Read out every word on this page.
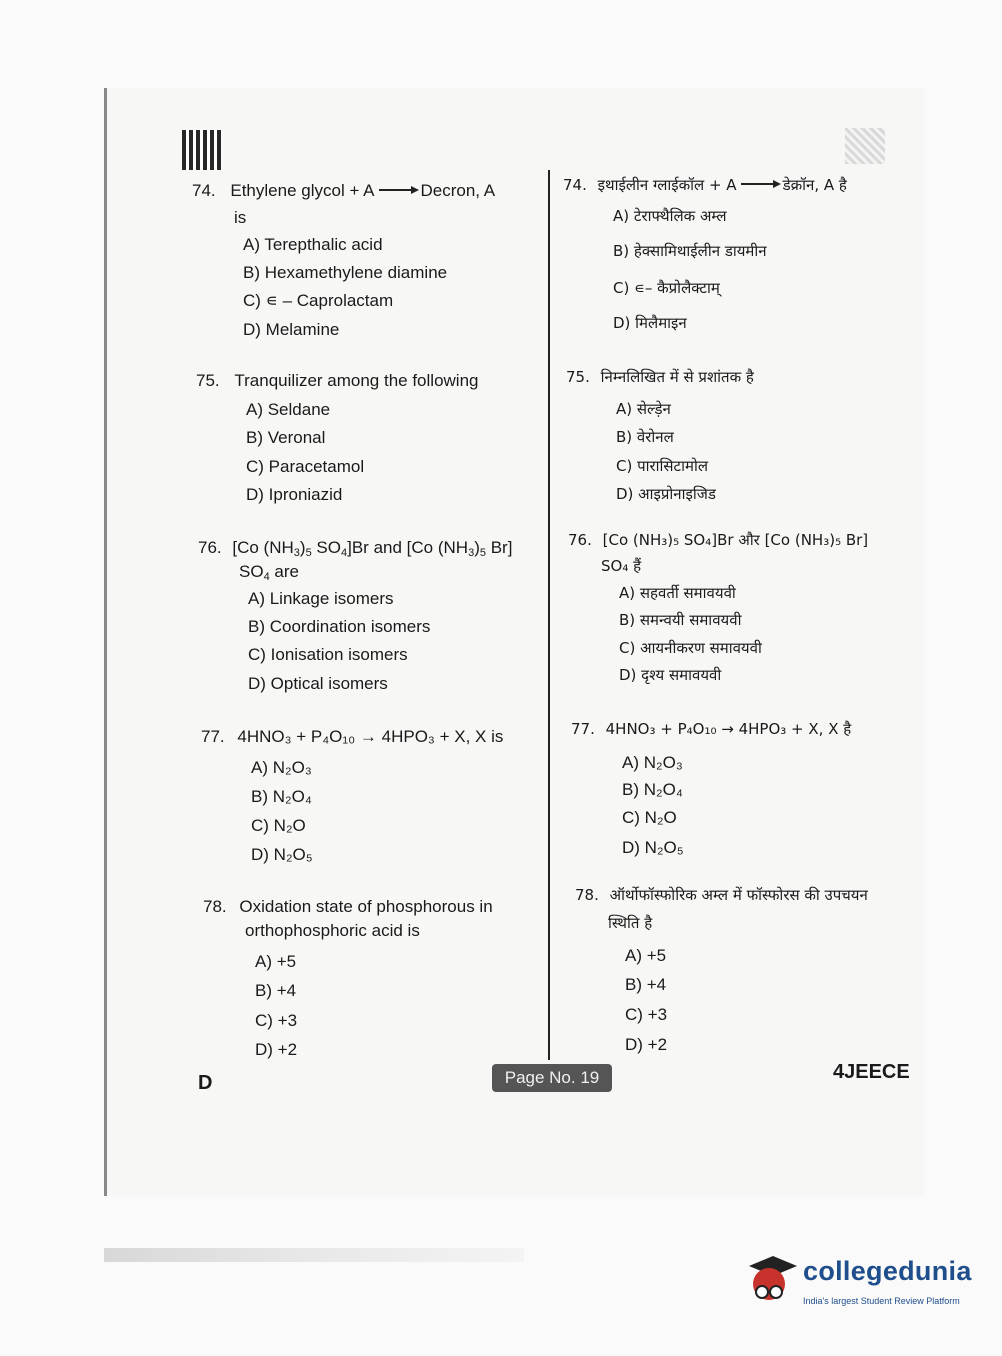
74. Ethylene glycol + A	Decron, A
is
A) Terepthalic acid
B) Hexamethylene diamine
C) ∊ – Caprolactam
D) Melamine
75. Tranquilizer among the following
A) Seldane
B) Veronal
C) Paracetamol
D) Iproniazid
76. [Co $(NH_3)_5$ $SO_4]Br$ and [Co $(NH_3)_5$ Br]
$SO_4$ are
A) Linkage isomers
B) Coordination isomers
C) Ionisation isomers
D) Optical isomers
77. 4HNO₃ + P₄O₁₀ → 4HPO₃ + X, X is
A) N₂O₃
B) N₂O₄
C) N₂O
D) N₂O₅
78. Oxidation state of phosphorous in
orthophosphoric acid is
A) +5
B) +4
C) +3
D) +2
74. इथाईलीन ग्लाईकॉल + A	डेक्रॉन, A है
A) टेराफ्थैलिक अम्ल
B) हेक्सामिथाईलीन डायमीन
C) ∊– कैप्रोलैक्टाम्
D) मिलैमाइन
75. निम्नलिखित में से प्रशांतक है
A) सेल्ड़ेन
B) वेरोनल
C) पारासिटामोल
D) आइप्रोनाइजिड
76. [Co (NH₃)₅ SO₄]Br और [Co (NH₃)₅ Br]
SO₄ हैं
A) सहवर्ती समावयवी
B) समन्वयी समावयवी
C) आयनीकरण समावयवी
D) दृश्य समावयवी
77. 4HNO₃ + P₄O₁₀ → 4HPO₃ + X, X है
A) N₂O₃
B) N₂O₄
C) N₂O
D) N₂O₅
78. ऑर्थोफॉस्फोरिक अम्ल में फॉस्फोरस की उपचयन
स्थिति है
A) +5
B) +4
C) +3
D) +2
D	Page No. 19	4JEECE
collegedunia
India's largest Student Review Platform
